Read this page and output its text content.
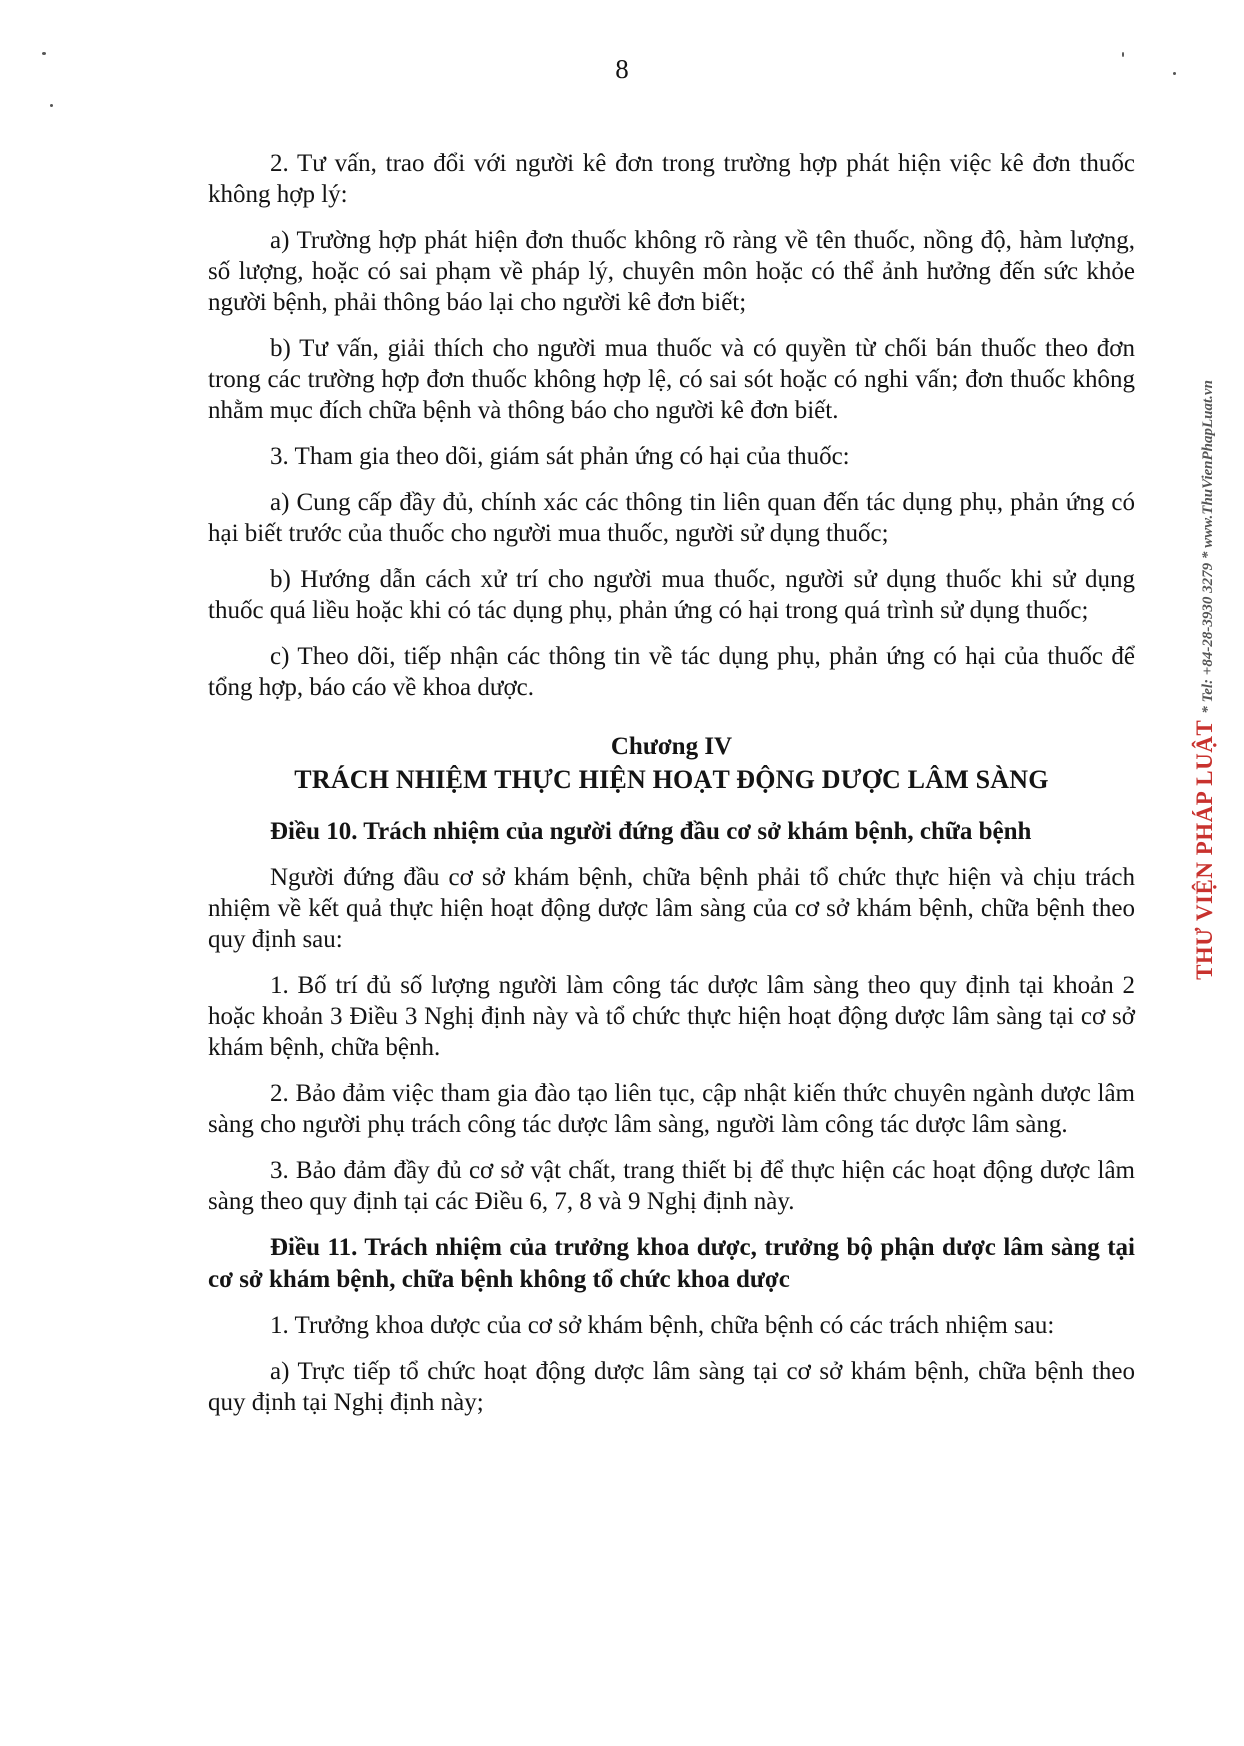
8

2. Tư vấn, trao đổi với người kê đơn trong trường hợp phát hiện việc kê đơn thuốc không hợp lý:

a) Trường hợp phát hiện đơn thuốc không rõ ràng về tên thuốc, nồng độ, hàm lượng, số lượng, hoặc có sai phạm về pháp lý, chuyên môn hoặc có thể ảnh hưởng đến sức khỏe người bệnh, phải thông báo lại cho người kê đơn biết;

b) Tư vấn, giải thích cho người mua thuốc và có quyền từ chối bán thuốc theo đơn trong các trường hợp đơn thuốc không hợp lệ, có sai sót hoặc có nghi vấn; đơn thuốc không nhằm mục đích chữa bệnh và thông báo cho người kê đơn biết.

3. Tham gia theo dõi, giám sát phản ứng có hại của thuốc:

a) Cung cấp đầy đủ, chính xác các thông tin liên quan đến tác dụng phụ, phản ứng có hại biết trước của thuốc cho người mua thuốc, người sử dụng thuốc;

b) Hướng dẫn cách xử trí cho người mua thuốc, người sử dụng thuốc khi sử dụng thuốc quá liều hoặc khi có tác dụng phụ, phản ứng có hại trong quá trình sử dụng thuốc;

c) Theo dõi, tiếp nhận các thông tin về tác dụng phụ, phản ứng có hại của thuốc để tổng hợp, báo cáo về khoa dược.

Chương IV
TRÁCH NHIỆM THỰC HIỆN HOẠT ĐỘNG DƯỢC LÂM SÀNG

Điều 10. Trách nhiệm của người đứng đầu cơ sở khám bệnh, chữa bệnh

Người đứng đầu cơ sở khám bệnh, chữa bệnh phải tổ chức thực hiện và chịu trách nhiệm về kết quả thực hiện hoạt động dược lâm sàng của cơ sở khám bệnh, chữa bệnh theo quy định sau:

1. Bố trí đủ số lượng người làm công tác dược lâm sàng theo quy định tại khoản 2 hoặc khoản 3 Điều 3 Nghị định này và tổ chức thực hiện hoạt động dược lâm sàng tại cơ sở khám bệnh, chữa bệnh.

2. Bảo đảm việc tham gia đào tạo liên tục, cập nhật kiến thức chuyên ngành dược lâm sàng cho người phụ trách công tác dược lâm sàng, người làm công tác dược lâm sàng.

3. Bảo đảm đầy đủ cơ sở vật chất, trang thiết bị để thực hiện các hoạt động dược lâm sàng theo quy định tại các Điều 6, 7, 8 và 9 Nghị định này.

Điều 11. Trách nhiệm của trưởng khoa dược, trưởng bộ phận dược lâm sàng tại cơ sở khám bệnh, chữa bệnh không tổ chức khoa dược

1. Trưởng khoa dược của cơ sở khám bệnh, chữa bệnh có các trách nhiệm sau:

a) Trực tiếp tổ chức hoạt động dược lâm sàng tại cơ sở khám bệnh, chữa bệnh theo quy định tại Nghị định này;

THƯ VIỆN PHÁP LUẬT* Tel: +84-28-3930 3279 * www.ThuVienPhapLuat.vn
